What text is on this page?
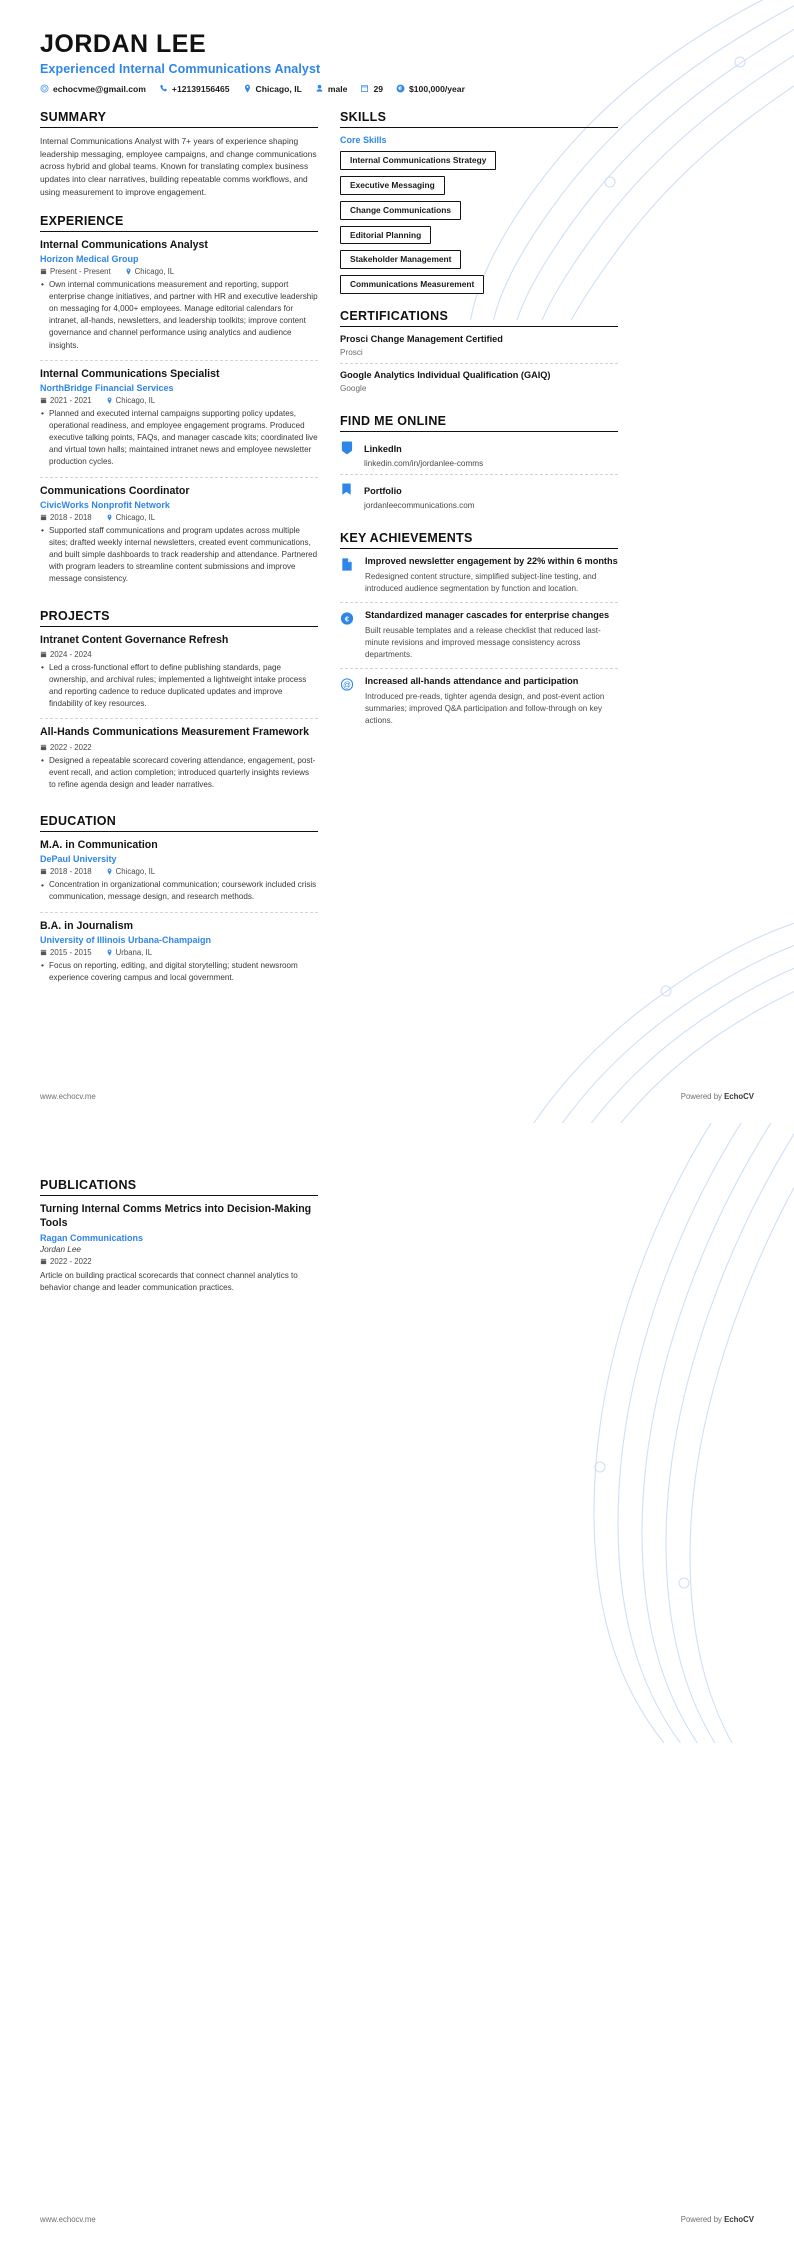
JORDAN LEE
Experienced Internal Communications Analyst
echocvme@gmail.com	+12139156465	Chicago, IL	male	29	$100,000/year
SUMMARY
Internal Communications Analyst with 7+ years of experience shaping leadership messaging, employee campaigns, and change communications across hybrid and global teams. Known for translating complex business updates into clear narratives, building repeatable comms workflows, and using measurement to improve engagement.
EXPERIENCE
Internal Communications Analyst
Horizon Medical Group
Present - Present	Chicago, IL
• Own internal communications measurement and reporting, support enterprise change initiatives, and partner with HR and executive leadership on messaging for 4,000+ employees. Manage editorial calendars for intranet, all-hands, newsletters, and leadership toolkits; improve content governance and channel performance using analytics and audience insights.
Internal Communications Specialist
NorthBridge Financial Services
2021 - 2021	Chicago, IL
• Planned and executed internal campaigns supporting policy updates, operational readiness, and employee engagement programs. Produced executive talking points, FAQs, and manager cascade kits; coordinated live and virtual town halls; maintained intranet news and employee newsletter production cycles.
Communications Coordinator
CivicWorks Nonprofit Network
2018 - 2018	Chicago, IL
• Supported staff communications and program updates across multiple sites; drafted weekly internal newsletters, created event communications, and built simple dashboards to track readership and attendance. Partnered with program leaders to streamline content submissions and improve message consistency.
PROJECTS
Intranet Content Governance Refresh
2024 - 2024
• Led a cross-functional effort to define publishing standards, page ownership, and archival rules; implemented a lightweight intake process and reporting cadence to reduce duplicated updates and improve findability of key resources.
All-Hands Communications Measurement Framework
2022 - 2022
• Designed a repeatable scorecard covering attendance, engagement, post-event recall, and action completion; introduced quarterly insights reviews to refine agenda design and leader narratives.
EDUCATION
M.A. in Communication
DePaul University
2018 - 2018	Chicago, IL
• Concentration in organizational communication; coursework included crisis communication, message design, and research methods.
B.A. in Journalism
University of Illinois Urbana-Champaign
2015 - 2015	Urbana, IL
• Focus on reporting, editing, and digital storytelling; student newsroom experience covering campus and local government.
SKILLS
Core Skills
Internal Communications Strategy
Executive Messaging
Change Communications
Editorial Planning
Stakeholder Management
Communications Measurement
CERTIFICATIONS
Prosci Change Management Certified
Prosci
Google Analytics Individual Qualification (GAIQ)
Google
FIND ME ONLINE
LinkedIn
linkedin.com/in/jordanlee-comms
Portfolio
jordanleecommunications.com
KEY ACHIEVEMENTS
Improved newsletter engagement by 22% within 6 months
Redesigned content structure, simplified subject-line testing, and introduced audience segmentation by function and location.
€ Standardized manager cascades for enterprise changes
Built reusable templates and a release checklist that reduced last-minute revisions and improved message consistency across departments.
@ Increased all-hands attendance and participation
Introduced pre-reads, tighter agenda design, and post-event action summaries; improved Q&A participation and follow-through on key actions.
www.echocv.me	Powered by EchoCV
PUBLICATIONS
Turning Internal Comms Metrics into Decision-Making Tools
Ragan Communications
Jordan Lee
2022 - 2022
Article on building practical scorecards that connect channel analytics to behavior change and leader communication practices.
www.echocv.me	Powered by EchoCV
